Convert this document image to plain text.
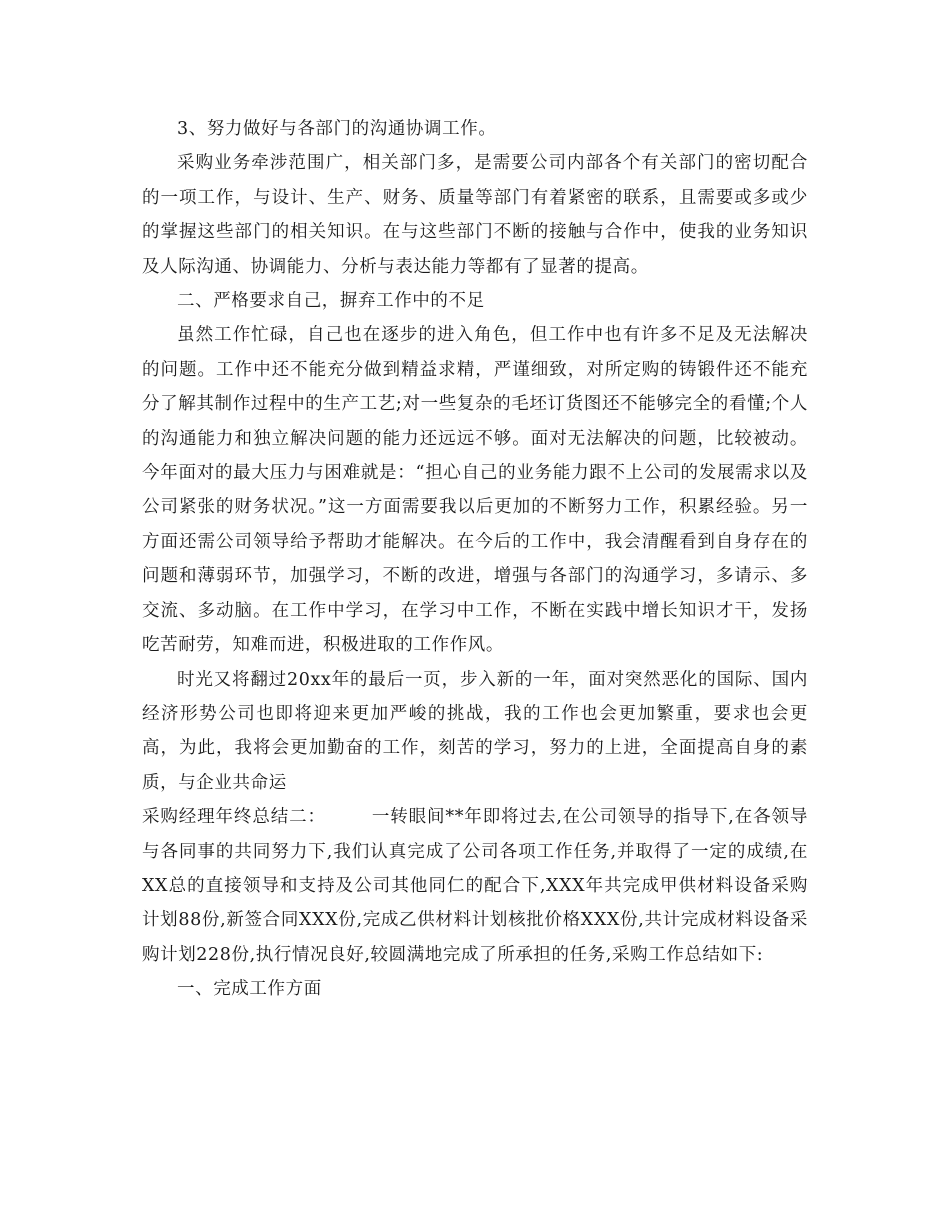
3、努力做好与各部门的沟通协调工作。

采购业务牵涉范围广，相关部门多，是需要公司内部各个有关部门的密切配合的一项工作，与设计、生产、财务、质量等部门有着紧密的联系，且需要或多或少的掌握这些部门的相关知识。在与这些部门不断的接触与合作中，使我的业务知识及人际沟通、协调能力、分析与表达能力等都有了显著的提高。

二、严格要求自己，摒弃工作中的不足

虽然工作忙碌，自己也在逐步的进入角色，但工作中也有许多不足及无法解决的问题。工作中还不能充分做到精益求精，严谨细致，对所定购的铸锻件还不能充分了解其制作过程中的生产工艺;对一些复杂的毛坯订货图还不能够完全的看懂;个人的沟通能力和独立解决问题的能力还远远不够。面对无法解决的问题，比较被动。今年面对的最大压力与困难就是：“担心自己的业务能力跟不上公司的发展需求以及公司紧张的财务状况。”这一方面需要我以后更加的不断努力工作，积累经验。另一方面还需公司领导给予帮助才能解决。在今后的工作中，我会清醒看到自身存在的问题和薄弱环节，加强学习，不断的改进，增强与各部门的沟通学习，多请示、多交流、多动脑。在工作中学习，在学习中工作，不断在实践中增长知识才干，发扬吃苦耐劳，知难而进，积极进取的工作作风。

时光又将翻过20xx年的最后一页，步入新的一年，面对突然恶化的国际、国内经济形势公司也即将迎来更加严峻的挑战，我的工作也会更加繁重，要求也会更高，为此，我将会更加勤奋的工作，刻苦的学习，努力的上进，全面提高自身的素质，与企业共命运

采购经理年终总结二：	一转眼间**年即将过去,在公司领导的指导下,在各领导与各同事的共同努力下,我们认真完成了公司各项工作任务,并取得了一定的成绩,在XX总的直接领导和支持及公司其他同仁的配合下,XXX年共完成甲供材料设备采购计划88份,新签合同XXX份,完成乙供材料计划核批价格XXX份,共计完成材料设备采购计划228份,执行情况良好,较圆满地完成了所承担的任务,采购工作总结如下:

一、完成工作方面
